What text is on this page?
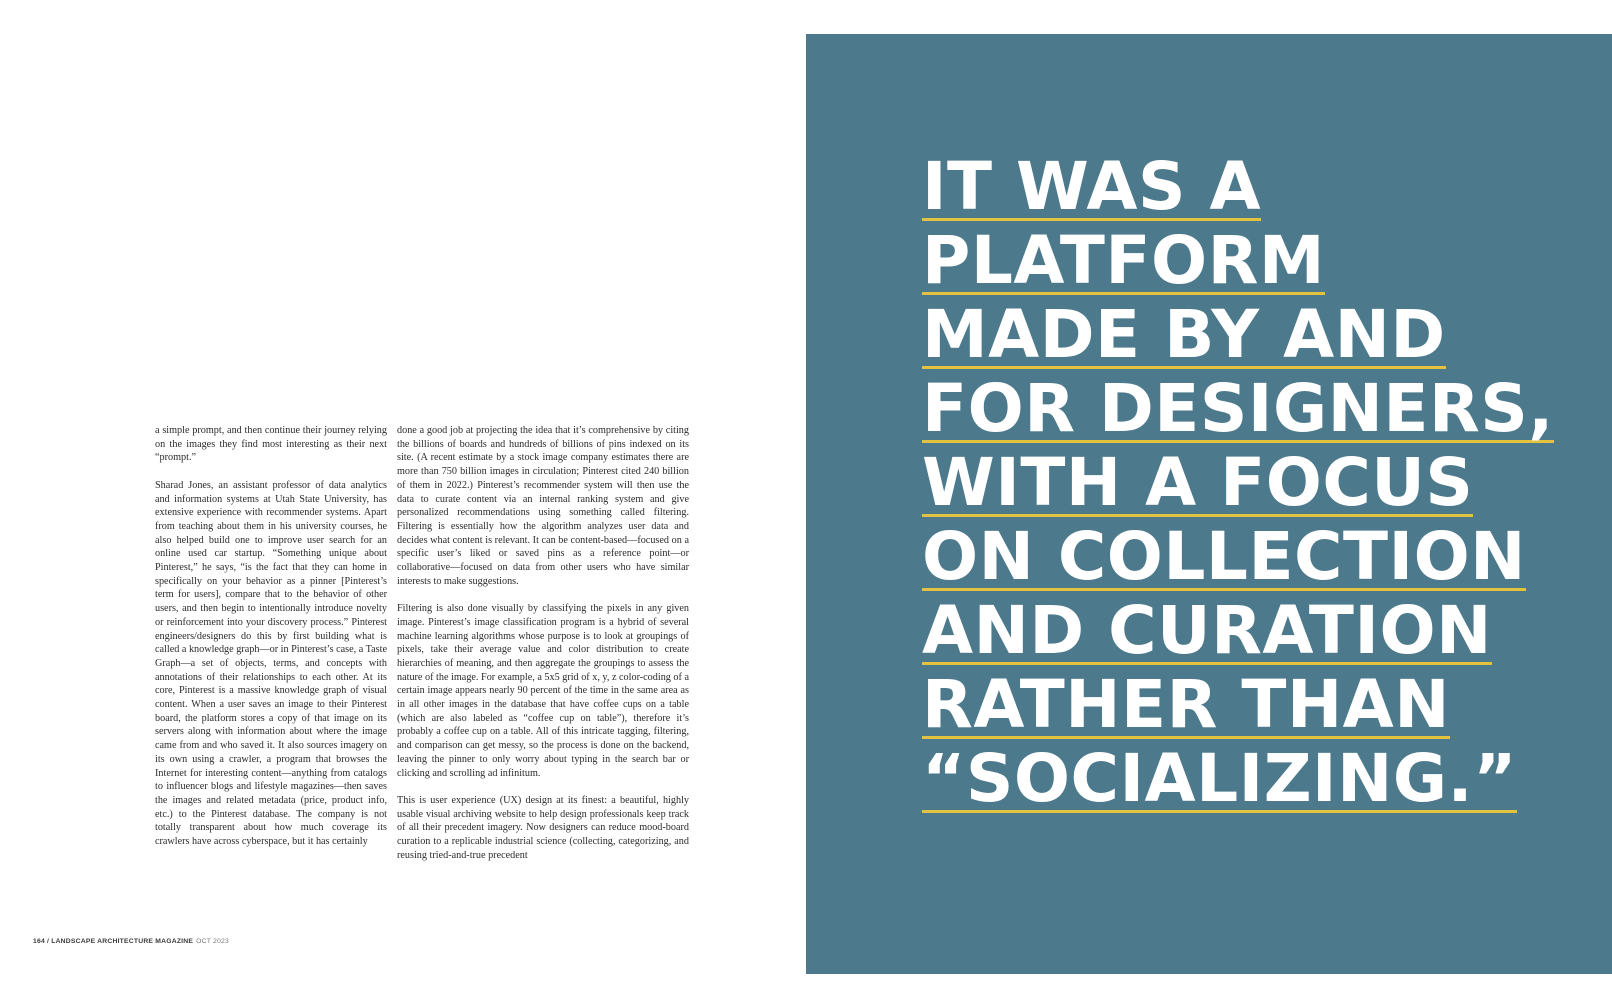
a simple prompt, and then continue their journey relying on the images they find most interesting as their next “prompt.”

Sharad Jones, an assistant professor of data analytics and information systems at Utah State University, has extensive experience with recommender systems. Apart from teaching about them in his university courses, he also helped build one to improve user search for an online used car startup. “Something unique about Pinterest,” he says, “is the fact that they can home in specifically on your behavior as a pinner [Pinterest’s term for users], compare that to the behavior of other users, and then begin to intentionally introduce novelty or reinforcement into your discovery process.” Pinterest engineers/designers do this by first building what is called a knowledge graph—or in Pinterest’s case, a Taste Graph—a set of objects, terms, and concepts with annotations of their relationships to each other. At its core, Pinterest is a massive knowledge graph of visual content. When a user saves an image to their Pinterest board, the platform stores a copy of that image on its servers along with information about where the image came from and who saved it. It also sources imagery on its own using a crawler, a program that browses the Internet for interesting content—anything from catalogs to influencer blogs and lifestyle magazines—then saves the images and related metadata (price, product info, etc.) to the Pinterest database. The company is not totally transparent about how much coverage its crawlers have across cyberspace, but it has certainly

done a good job at projecting the idea that it’s comprehensive by citing the billions of boards and hundreds of billions of pins indexed on its site. (A recent estimate by a stock image company estimates there are more than 750 billion images in circulation; Pinterest cited 240 billion of them in 2022.) Pinterest’s recommender system will then use the data to curate content via an internal ranking system and give personalized recommendations using something called filtering. Filtering is essentially how the algorithm analyzes user data and decides what content is relevant. It can be content-based—focused on a specific user’s liked or saved pins as a reference point—or collaborative—focused on data from other users who have similar interests to make suggestions.

Filtering is also done visually by classifying the pixels in any given image. Pinterest’s image classification program is a hybrid of several machine learning algorithms whose purpose is to look at groupings of pixels, take their average value and color distribution to create hierarchies of meaning, and then aggregate the groupings to assess the nature of the image. For example, a 5x5 grid of x, y, z color-coding of a certain image appears nearly 90 percent of the time in the same area as in all other images in the database that have coffee cups on a table (which are also labeled as “coffee cup on table”), therefore it’s probably a coffee cup on a table. All of this intricate tagging, filtering, and comparison can get messy, so the process is done on the backend, leaving the pinner to only worry about typing in the search bar or clicking and scrolling ad infinitum.

This is user experience (UX) design at its finest: a beautiful, highly usable visual archiving website to help design professionals keep track of all their precedent imagery. Now designers can reduce mood-board curation to a replicable industrial science (collecting, categorizing, and reusing tried-and-true precedent

164 / LANDSCAPE ARCHITECTURE MAGAZINE OCT 2023
IT WAS A
PLATFORM
MADE BY AND
FOR DESIGNERS,
WITH A FOCUS
ON COLLECTION
AND CURATION
RATHER THAN
“SOCIALIZING.”
